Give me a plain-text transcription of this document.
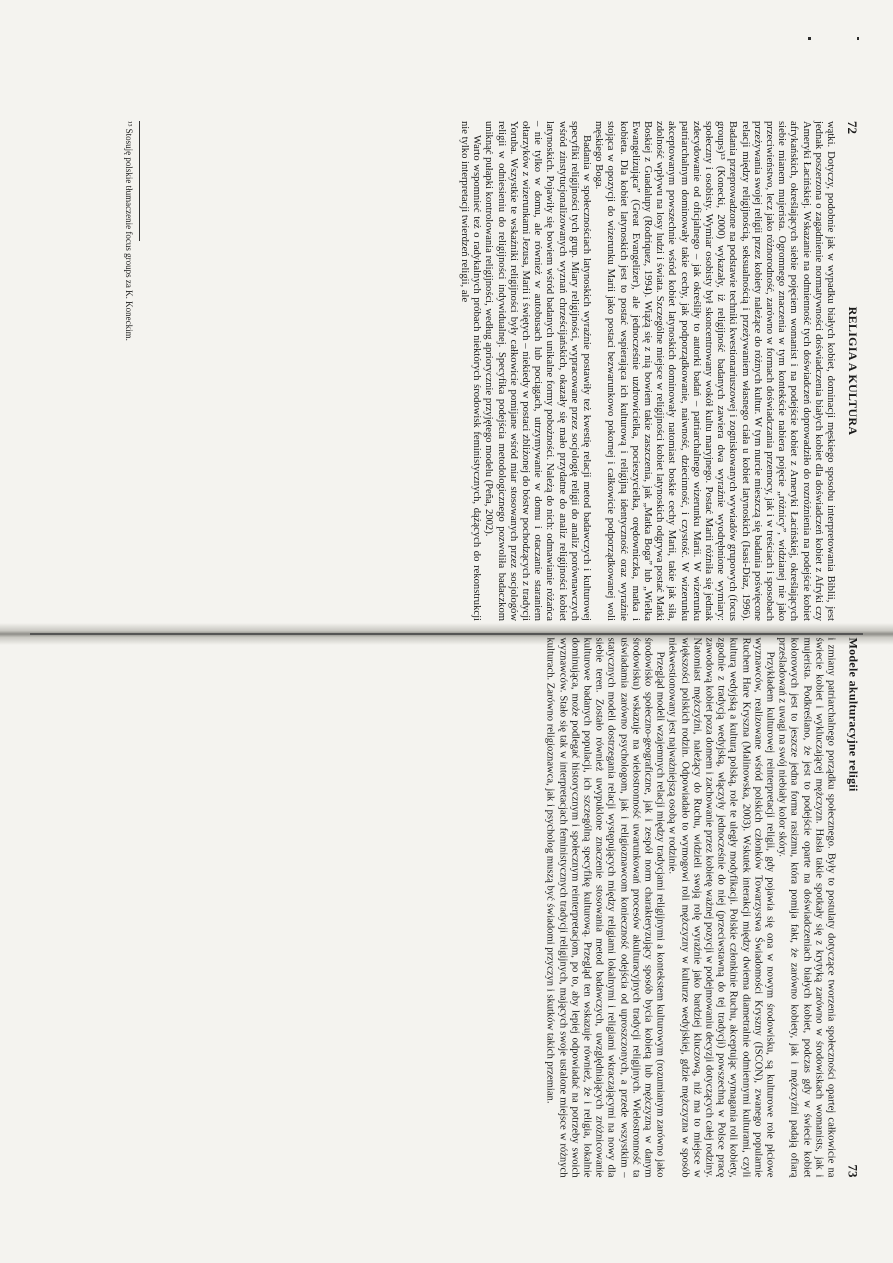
72
RELIGIA A KULTURA

wątki. Dotyczy, podobnie jak w wypadku białych kobiet, dominacji męskiego sposobu interpretowania Biblii, jest jednak poszerzona o zagadnienie normatywności doświadczenia białych kobiet dla doświadczeń kobiet z Afryki czy Ameryki Łacińskiej. Wskazanie na odmienność tych doświadczeń doprowadziło do rozróżnienia na podejście kobiet afrykańskich, określających siebie pojęciem womanist i na podejście kobiet z Ameryki Łacińskiej, określających siebie mianem mujerista. Ogromnego znaczenia w tym kontekście nabiera pojęcie „różnicy”, widzianej nie jako przeciwieństwo, lecz jako różnorodność, zarówno w formach doświadczania przemocy, jak i w treściach i sposobach przeżywania swojej religii przez kobiety należące do różnych kultur. W tym nurcie mieszczą się badania poświęcone relacji między religijnością, seksualnością i przeżywaniem własnego ciała u kobiet latynoskich (Isasi-Díaz, 1996). Badania przeprowadzone na podstawie techniki kwestionariuszowej i zogniskowanych wywiadów grupowych (focus groups)¹³ (Konecki, 2000) wykazały, iż religijność badanych zawiera dwa wyraźnie wyodrębnione wymiary: społeczny i osobisty. Wymiar osobisty był skoncentrowany wokół kultu maryjnego. Postać Marii różniła się jednak zdecydowanie od oficjalnego – jak określiły to autorki badań – patriarchalnego wizerunku Marii. W wizerunku patriarchalnym dominowały takie cechy, jak podporządkowanie, naiwność, dziecinność, i czystość. W wizerunku akceptowanym powszechnie wśród kobiet latynoskich dominowały natomiast boskie cechy Marii, takie jak siła, zdolność wpływu na losy ludzi i świata. Szczególne miejsce w religijności kobiet latynoskich odgrywa postać Matki Boskiej z Guadalupy (Rodriquez, 1994). Wiążą się z nią bowiem takie zaszczenia, jak „Matka Boga” lub „Wielka Ewangelizująca” (Great Evangelizer), ale jednocześnie uzdrowicielka, pocieszycielka, orędowniczka, matka i kobieta. Dla kobiet latynoskich jest to postać wspierająca ich kulturową i religijną identyczność oraz wyraźnie stojąca w opozycji do wizerunku Marii jako postaci bezwarunkowo pokornej i całkowicie podporządkowanej woli męskiego Boga.

Badania w społecznościach latynoskich wyraźnie postawiły też kwestię relacji metod badawczych i kulturowej specyfiki religijności tych grup. Miary religijności, wypracowane przez socjologię religii do analiz porównawczych wśród zinstytucjonalizowanych wyznań chrześcijańskich, okazały się mało przydatne do analiz religijności kobiet latynoskich. Pojawiły się bowiem wśród badanych unikalne formy pobożności. Należą do nich: odmawianie różańca – nie tylko w domu, ale również w autobusach lub pociągach, utrzymywanie w domu i otaczanie staraniem ołtarzyków z wizerunkami Jezusa, Marii i świętych – niekiedy w postaci zbliżonej do bóstw pochodzących z tradycji Yoruba. Wszystkie te wskaźniki religijności były całkowicie pomijane wśród miar stosowanych przez socjologów religii w odniesieniu do religijności indywidualnej. Specyfika podejścia metodologicznego pozwoliła badaczkom uniknąć pułapki kontrolowania religijności, według apriorycznie przyjętego modelu (Peña, 2002).

Warto wspomnieć też o radykalnych próbach niektórych środowisk feministycznych, dążących do rekonstrukcji nie tylko interpretacji twierdzeń religii, ale

¹³ Stosuję polskie tłumaczenie focus groups za K. Koneckim.
Modele akulturacyjne religii
73

i zmiany patriarchalnego porządku społecznego. Były to postulaty dotyczące tworzenia społeczności opartej całkowicie na świecie kobiet i wykluczającej mężczyzn. Hasła takie spotkały się z krytyką zarówno w środowiskach womanists, jak i mujerista. Podkreślano, że jest to podejście oparte na doświadczeniach białych kobiet, podczas gdy w świecie kobiet kolorowych jest to jeszcze jedna forma rasizmu, która pomija fakt, że zarówno kobiety, jak i mężczyźni padają ofiarą prześladowań z uwagi na swój niebiały kolor skóry.

Przykładem kulturowej reinterpretacji religii, gdy pojawia się ona w nowym środowisku, są kulturowe role płciowe wyznawców, realizowane wśród polskich członków Towarzystwa Świadomości Kryszny (ISCON), zwanego popularnie Ruchem Hare Kryszna (Malinowska, 2003). Wskutek interakcji między dwiema diametralnie odmiennymi kulturami, czyli kulturą wedyjską a kulturą polską, role te uległy modyfikacji. Polskie członkinie Ruchu, akceptując wymagania roli kobiety, zgodnie z tradycją wedyjską, włączyły jednocześnie do niej (przeciwstawną do tej tradycji) powszechną w Polsce pracę zawodową kobiet poza domem i zachowanie przez kobietę ważnej pozycji w podejmowaniu decyzji dotyczących całej rodziny. Natomiast mężczyźni, należący do Ruchu, widzieli swoją rolę wyraźnie jako bardziej kluczową, niż ma to miejsce w większości polskich rodzin. Odpowiadało to wymogowi roli mężczyzny w kulturze wedyjskiej, gdzie mężczyzna w sposób niekwestionowany jest najważniejszą osobą w rodzinie.

Przegląd modeli wzajemnych relacji między tradycjami religijnymi a kontekstem kulturowym (rozumianym zarówno jako środowisko społeczno-geograficzne, jak i zespół norm charakteryzujący sposób bycia kobietą lub mężczyzną w danym środowisku) wskazuje na wielostronność uwarunkowań procesów akulturacyjnych tradycji religijnych. Wielostronność ta uświadamia zarówno psychologom, jak i religioznawcom konieczność odejścia od uproszczonych, a przede wszystkim – statycznych modeli dostrzegania relacji występujących między religiami lokalnymi i religiami wkraczającymi na nowy dla siebie teren. Zostało również uwypuklone znaczenie stosowania metod badawczych, uwzględniających zróżnicowanie kulturowe badanych populacji, ich szczególną specyfikę kulturową. Przegląd ten wskazuje również, że i religia, lokalnie dominująca, może podlegać historycznym i społecznym reinterpretacjom, po to, aby lepiej odpowiadać na potrzeby swoich wyznawców. Stało się tak w interpretacjach feministycznych tradycji religijnych, mających swoje ustalone miejsce w różnych kulturach. Zarówno religioznawca, jak i psycholog muszą być świadomi przyczyn i skutków takich przemian.
